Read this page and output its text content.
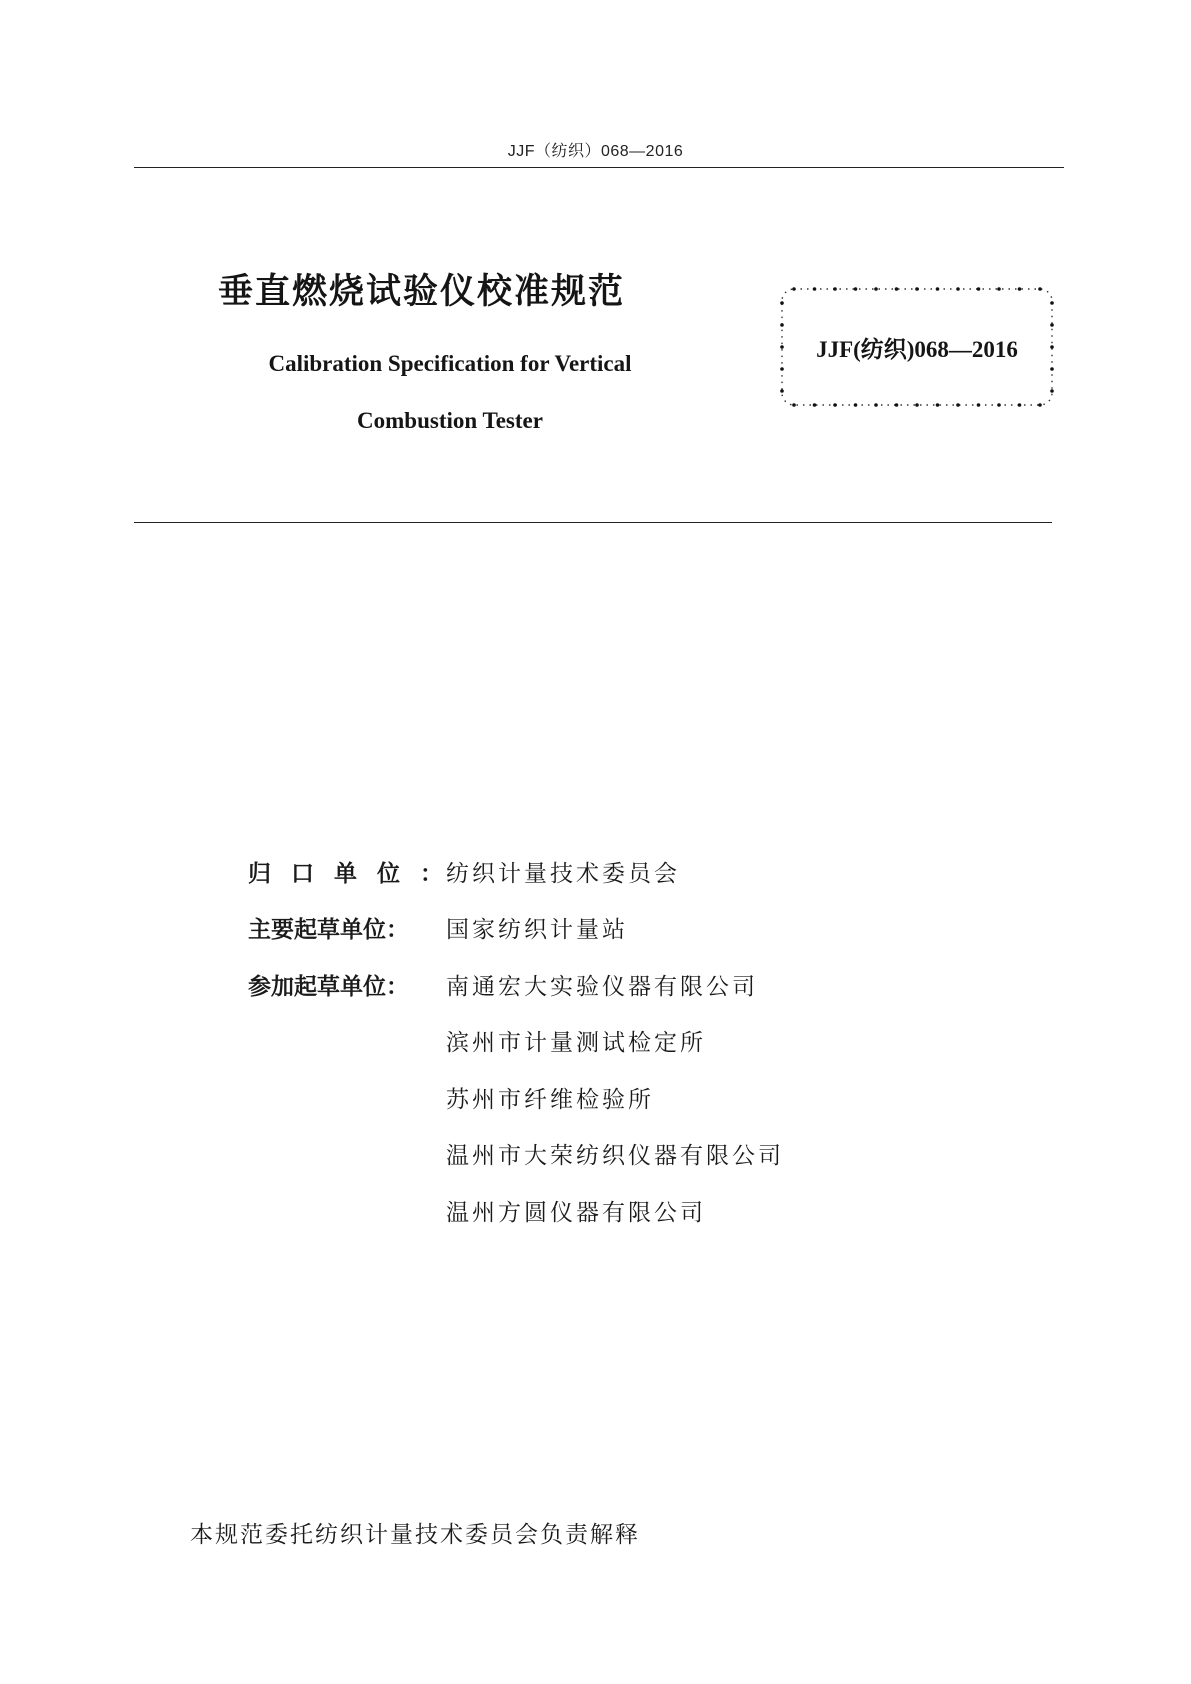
JJF（纺织）068—2016
垂直燃烧试验仪校准规范
Calibration Specification for Vertical
Combustion Tester
JJF(纺织)068—2016
归口单位 ： 纺织计量技术委员会
主要起草单位 ： 国家纺织计量站
参加起草单位 ： 南通宏大实验仪器有限公司
滨州市计量测试检定所
苏州市纤维检验所
温州市大荣纺织仪器有限公司
温州方圆仪器有限公司
本规范委托纺织计量技术委员会负责解释
